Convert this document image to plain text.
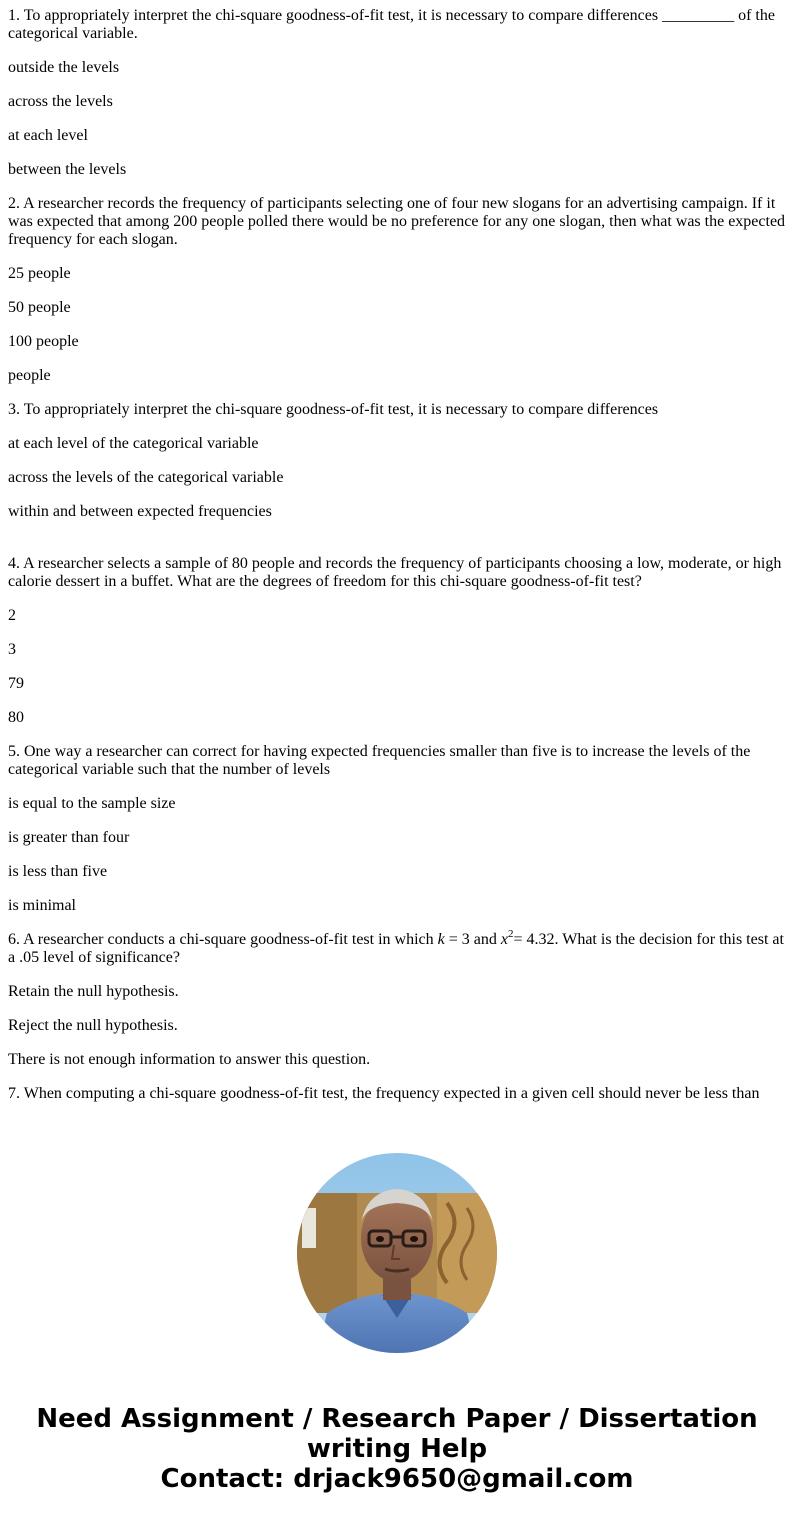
1. To appropriately interpret the chi-square goodness-of-fit test, it is necessary to compare differences _________ of the categorical variable.
outside the levels
across the levels
at each level
between the levels
2. A researcher records the frequency of participants selecting one of four new slogans for an advertising campaign. If it was expected that among 200 people polled there would be no preference for any one slogan, then what was the expected frequency for each slogan.
25 people
50 people
100 people
people
3. To appropriately interpret the chi-square goodness-of-fit test, it is necessary to compare differences
at each level of the categorical variable
across the levels of the categorical variable
within and between expected frequencies
4. A researcher selects a sample of 80 people and records the frequency of participants choosing a low, moderate, or high calorie dessert in a buffet. What are the degrees of freedom for this chi-square goodness-of-fit test?
2
3
79
80
5. One way a researcher can correct for having expected frequencies smaller than five is to increase the levels of the categorical variable such that the number of levels
is equal to the sample size
is greater than four
is less than five
is minimal
6. A researcher conducts a chi-square goodness-of-fit test in which k = 3 and $x^2= 4.32$. What is the decision for this test at a .05 level of significance?
Retain the null hypothesis.
Reject the null hypothesis.
There is not enough information to answer this question.
7. When computing a chi-square goodness-of-fit test, the frequency expected in a given cell should never be less than
Need Assignment / Research Paper / Dissertation
writing Help
Contact: drjack9650@gmail.com
